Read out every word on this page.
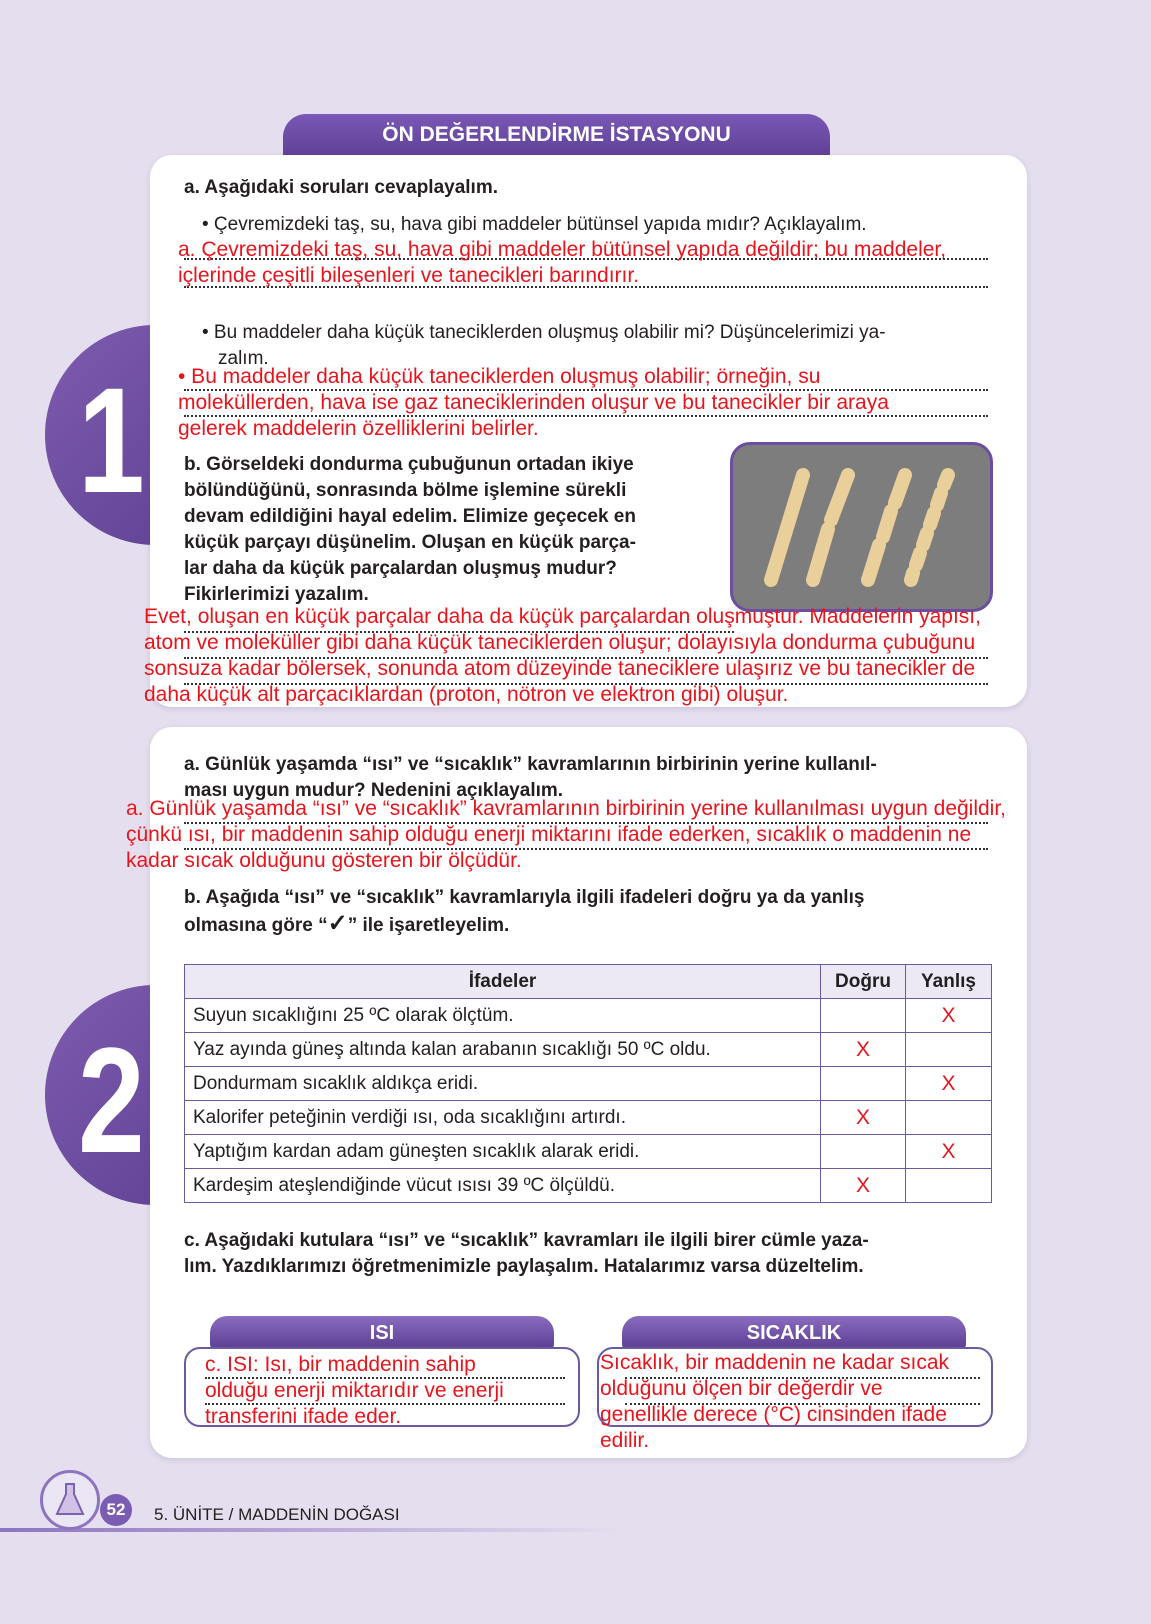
ÖN DEĞERLENDİRME İSTASYONU
1
a. Aşağıdaki soruları cevaplayalım.
• Çevremizdeki taş, su, hava gibi maddeler bütünsel yapıda mıdır? Açıklayalım.
a. Çevremizdeki taş, su, hava gibi maddeler bütünsel yapıda değildir; bu maddeler,
içlerinde çeşitli bileşenleri ve tanecikleri barındırır.
• Bu maddeler daha küçük taneciklerden oluşmuş olabilir mi? Düşüncelerimizi ya-
zalım.
• Bu maddeler daha küçük taneciklerden oluşmuş olabilir; örneğin, su
moleküllerden, hava ise gaz taneciklerinden oluşur ve bu tanecikler bir araya
gelerek maddelerin özelliklerini belirler.
b. Görseldeki dondurma çubuğunun ortadan ikiye
bölündüğünü, sonrasında bölme işlemine sürekli
devam edildiğini hayal edelim. Elimize geçecek en
küçük parçayı düşünelim. Oluşan en küçük parça-
lar daha da küçük parçalardan oluşmuş mudur?
Fikirlerimizi yazalım.
Evet, oluşan en küçük parçalar daha da küçük parçalardan oluşmuştur. Maddelerin yapısı,
atom ve moleküller gibi daha küçük taneciklerden oluşur; dolayısıyla dondurma çubuğunu
sonsuza kadar bölersek, sonunda atom düzeyinde taneciklere ulaşırız ve bu tanecikler de
daha küçük alt parçacıklardan (proton, nötron ve elektron gibi) oluşur.
2
a. Günlük yaşamda “ısı” ve “sıcaklık” kavramlarının birbirinin yerine kullanıl-
ması uygun mudur? Nedenini açıklayalım.
a. Günlük yaşamda “ısı” ve “sıcaklık” kavramlarının birbirinin yerine kullanılması uygun değildir,
çünkü ısı, bir maddenin sahip olduğu enerji miktarını ifade ederken, sıcaklık o maddenin ne
kadar sıcak olduğunu gösteren bir ölçüdür.
b. Aşağıda “ısı” ve “sıcaklık” kavramlarıyla ilgili ifadeleri doğru ya da yanlış
olmasına göre “✓” ile işaretleyelim.
İfadeler	Doğru	Yanlış
Suyun sıcaklığını 25 ºC olarak ölçtüm.		X
Yaz ayında güneş altında kalan arabanın sıcaklığı 50 ºC oldu.	X	
Dondurmam sıcaklık aldıkça eridi.		X
Kalorifer peteğinin verdiği ısı, oda sıcaklığını artırdı.	X	
Yaptığım kardan adam güneşten sıcaklık alarak eridi.		X
Kardeşim ateşlendiğinde vücut ısısı 39 ºC ölçüldü.	X	
c. Aşağıdaki kutulara “ısı” ve “sıcaklık” kavramları ile ilgili birer cümle yaza-
lım. Yazdıklarımızı öğretmenimizle paylaşalım. Hatalarımız varsa düzeltelim.
ISI
c. ISI: Isı, bir maddenin sahip
olduğu enerji miktarıdır ve enerji
transferini ifade eder.
SICAKLIK
Sıcaklık, bir maddenin ne kadar sıcak
olduğunu ölçen bir değerdir ve
genellikle derece (°C) cinsinden ifade
edilir.
52	5. ÜNİTE / MADDENİN DOĞASI
